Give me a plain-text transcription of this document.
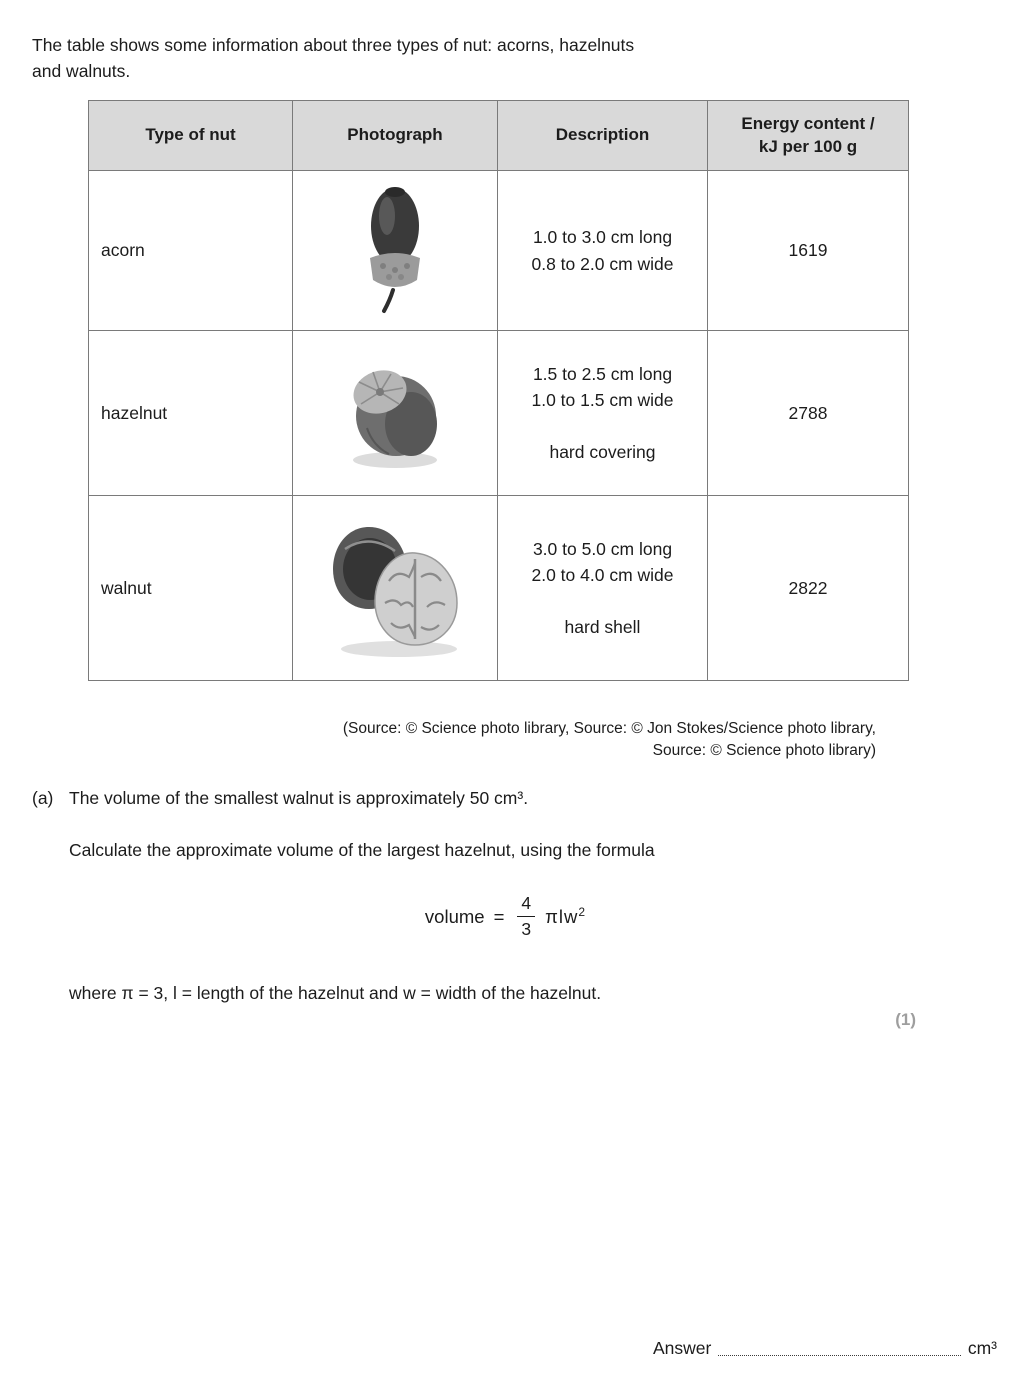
The table shows some information about three types of nut: acorns, hazelnuts
and walnuts.

Type of nut	Photograph	Description	Energy content /
kJ per 100 g

acorn		1.0 to 3.0 cm long
0.8 to 2.0 cm wide	1619
hazelnut		1.5 to 2.5 cm long
1.0 to 1.5 cm wide
hard covering	2788
walnut		3.0 to 5.0 cm long
2.0 to 4.0 cm wide
hard shell	2822
(Source: © Science photo library, Source: © Jon Stokes/Science photo library,
Source: © Science photo library)
(a) The volume of the smallest walnut is approximately 50 cm³.
Calculate the approximate volume of the largest hazelnut, using the formula
volume = $\frac{4}{3} \pi lw^2$
where π = 3, l = length of the hazelnut and w = width of the hazelnut.
(1)
Answer	cm³
